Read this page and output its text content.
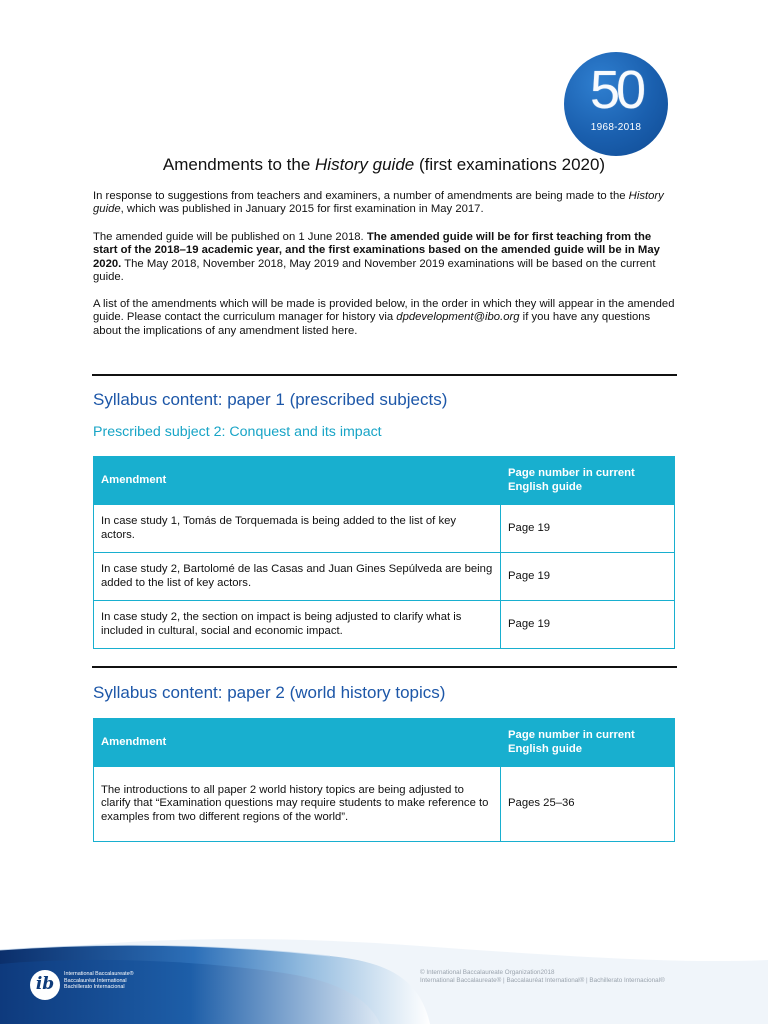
50
1968-2018
Amendments to the History guide (first examinations 2020)

In response to suggestions from teachers and examiners, a number of amendments are being made to the History guide, which was published in January 2015 for first examination in May 2017.

The amended guide will be published on 1 June 2018. The amended guide will be for first teaching from the start of the 2018–19 academic year, and the first examinations based on the amended guide will be in May 2020. The May 2018, November 2018, May 2019 and November 2019 examinations will be based on the current guide.

A list of the amendments which will be made is provided below, in the order in which they will appear in the amended guide. Please contact the curriculum manager for history via dpdevelopment@ibo.org if you have any questions about the implications of any amendment listed here.

Syllabus content: paper 1 (prescribed subjects)
Prescribed subject 2: Conquest and its impact
Amendment	Page number in current English guide
In case study 1, Tomás de Torquemada is being added to the list of key actors.	Page 19
In case study 2, Bartolomé de las Casas and Juan Gines Sepúlveda are being added to the list of key actors.	Page 19
In case study 2, the section on impact is being adjusted to clarify what is included in cultural, social and economic impact.	Page 19
Syllabus content: paper 2 (world history topics)
Amendment	Page number in current English guide
The introductions to all paper 2 world history topics are being adjusted to clarify that “Examination questions may require students to make reference to examples from two different regions of the world”.	Pages 25–36
ib	International Baccalaureate®
Baccalauréat International
Bachillerato Internacional
© International Baccalaureate Organization2018
International Baccalaureate® | Baccalauréat International® | Bachillerato Internacional®
